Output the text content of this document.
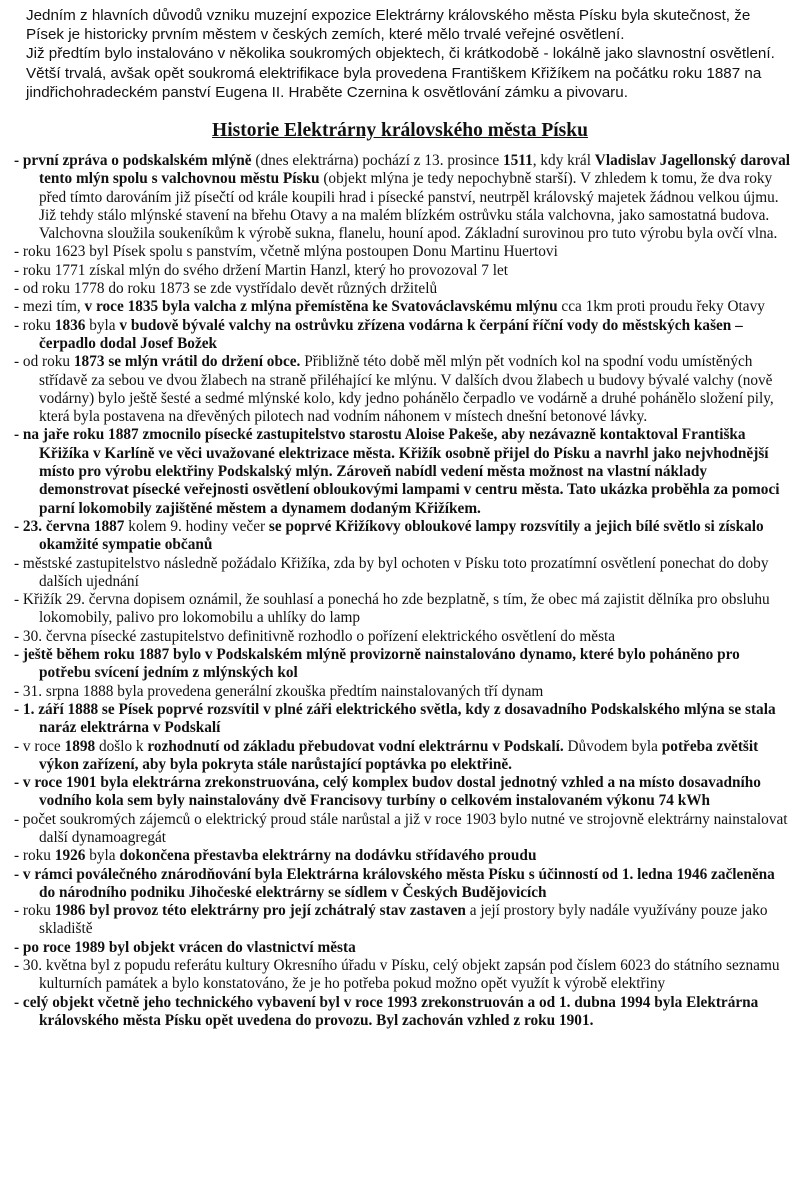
Jedním z hlavních důvodů vzniku muzejní expozice Elektrárny královského města Písku byla skutečnost, že Písek je historicky prvním městem v českých zemích, které mělo trvalé veřejné osvětlení.

Již předtím bylo instalováno v několika soukromých objektech, či krátkodobě - lokálně jako slavnostní osvětlení.

Větší trvalá, avšak opět soukromá elektrifikace byla provedena Františkem Křižíkem na počátku roku 1887 na jindřichohradeckém panství Eugena II. Hraběte Czernina k osvětlování zámku a pivovaru.

Historie Elektrárny královského města Písku
- první zpráva o podskalském mlýně (dnes elektrárna) pochází z 13. prosince 1511, kdy král Vladislav Jagellonský daroval tento mlýn spolu s valchovnou městu Písku (objekt mlýna je tedy nepochybně starší). V zhledem k tomu, že dva roky před tímto darováním již písečtí od krále koupili hrad i písecké panství, neutrpěl královský majetek žádnou velkou újmu. Již tehdy stálo mlýnské stavení na břehu Otavy a na malém blízkém ostrůvku stála valchovna, jako samostatná budova. Valchovna sloužila soukeníkům k výrobě sukna, flanelu, houní apod. Základní surovinou pro tuto výrobu byla ovčí vlna.
- roku 1623 byl Písek spolu s panstvím, včetně mlýna postoupen Donu Martinu Huertovi
- roku 1771 získal mlýn do svého držení Martin Hanzl, který ho provozoval 7 let
- od roku 1778 do roku 1873 se zde vystřídalo devět různých držitelů
- mezi tím, v roce 1835 byla valcha z mlýna přemístěna ke Svatováclavskému mlýnu cca 1km proti proudu řeky Otavy
- roku 1836 byla v budově bývalé valchy na ostrůvku zřízena vodárna k čerpání říční vody do městských kašen – čerpadlo dodal Josef Božek
- od roku 1873 se mlýn vrátil do držení obce. Přibližně této době měl mlýn pět vodních kol na spodní vodu umístěných střídavě za sebou ve dvou žlabech na straně přiléhající ke mlýnu. V dalších dvou žlabech u budovy bývalé valchy (nově vodárny) bylo ještě šesté a sedmé mlýnské kolo, kdy jedno pohánělo čerpadlo ve vodárně a druhé pohánělo složení pily, která byla postavena na dřevěných pilotech nad vodním náhonem v místech dnešní betonové lávky.
- na jaře roku 1887 zmocnilo písecké zastupitelstvo starostu Aloise Pakeše, aby nezávazně kontaktoval Františka Křižíka v Karlíně ve věci uvažované elektrizace města. Křižík osobně přijel do Písku a navrhl jako nejvhodnější místo pro výrobu elektřiny Podskalský mlýn. Zároveň nabídl vedení města možnost na vlastní náklady demonstrovat písecké veřejnosti osvětlení obloukovými lampami v centru města. Tato ukázka proběhla za pomoci parní lokomobily zajištěné městem a dynamem dodaným Křižíkem.
- 23. června 1887 kolem 9. hodiny večer se poprvé Křižíkovy obloukové lampy rozsvítily a jejich bílé světlo si získalo okamžité sympatie občanů
- městské zastupitelstvo následně požádalo Křižíka, zda by byl ochoten v Písku toto prozatímní osvětlení ponechat do doby dalších ujednání
- Křižík 29. června dopisem oznámil, že souhlasí a ponechá ho zde bezplatně, s tím, že obec má zajistit dělníka pro obsluhu lokomobily, palivo pro lokomobilu a uhlíky do lamp
- 30. června písecké zastupitelstvo definitivně rozhodlo o pořízení elektrického osvětlení do města
- ještě během roku 1887 bylo v Podskalském mlýně provizorně nainstalováno dynamo, které bylo poháněno pro potřebu svícení jedním z mlýnských kol
- 31. srpna 1888 byla provedena generální zkouška předtím nainstalovaných tří dynam
- 1. září 1888 se Písek poprvé rozsvítil v plné záři elektrického světla, kdy z dosavadního Podskalského mlýna se stala naráz elektrárna v Podskalí
- v roce 1898 došlo k rozhodnutí od základu přebudovat vodní elektrárnu v Podskalí. Důvodem byla potřeba zvětšit výkon zařízení, aby byla pokryta stále narůstající poptávka po elektřině.
- v roce 1901 byla elektrárna zrekonstruována, celý komplex budov dostal jednotný vzhled a na místo dosavadního vodního kola sem byly nainstalovány dvě Francisovy turbíny o celkovém instalovaném výkonu 74 kWh
- počet soukromých zájemců o elektrický proud stále narůstal a již v roce 1903 bylo nutné ve strojovně elektrárny nainstalovat další dynamoagregát
- roku 1926 byla dokončena přestavba elektrárny na dodávku střídavého proudu
- v rámci poválečného znárodňování byla Elektrárna královského města Písku s účinností od 1. ledna 1946 začleněna do národního podniku Jihočeské elektrárny se sídlem v Českých Budějovicích
- roku 1986 byl provoz této elektrárny pro její zchátralý stav zastaven a její prostory byly nadále využívány pouze jako skladiště
- po roce 1989 byl objekt vrácen do vlastnictví města
- 30. května byl z popudu referátu kultury Okresního úřadu v Písku, celý objekt zapsán pod číslem 6023 do státního seznamu kulturních památek a bylo konstatováno, že je ho potřeba pokud možno opět využít k výrobě elektřiny
- celý objekt včetně jeho technického vybavení byl v roce 1993 zrekonstruován a od 1. dubna 1994 byla Elektrárna královského města Písku opět uvedena do provozu. Byl zachován vzhled z roku 1901.
